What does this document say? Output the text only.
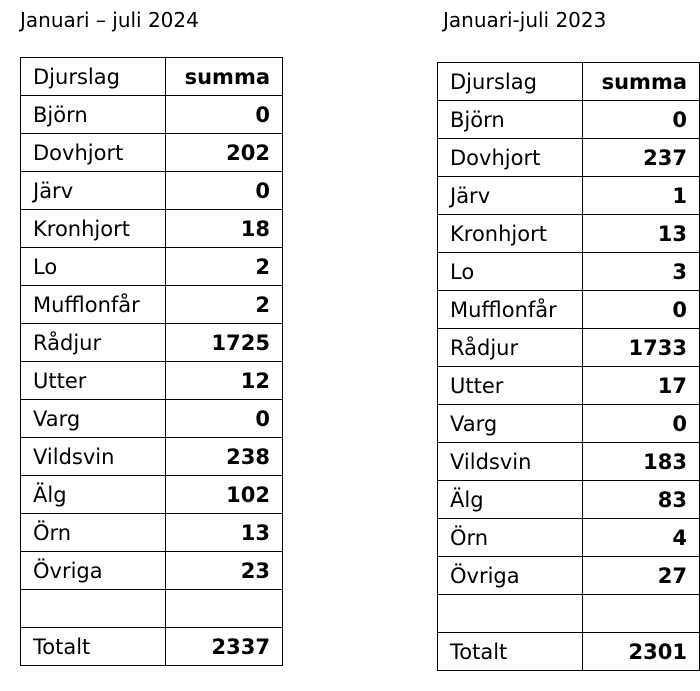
Januari – juli 2024	Januari-juli 2023
Djurslag	summa
Björn	0
Dovhjort	202
Järv	0
Kronhjort	18
Lo	2
Mufflonfår	2
Rådjur	1725
Utter	12
Varg	0
Vildsvin	238
Älg	102
Örn	13
Övriga	23

Totalt	2337
Djurslag	summa
Björn	0
Dovhjort	237
Järv	1
Kronhjort	13
Lo	3
Mufflonfår	0
Rådjur	1733
Utter	17
Varg	0
Vildsvin	183
Älg	83
Örn	4
Övriga	27

Totalt	2301
